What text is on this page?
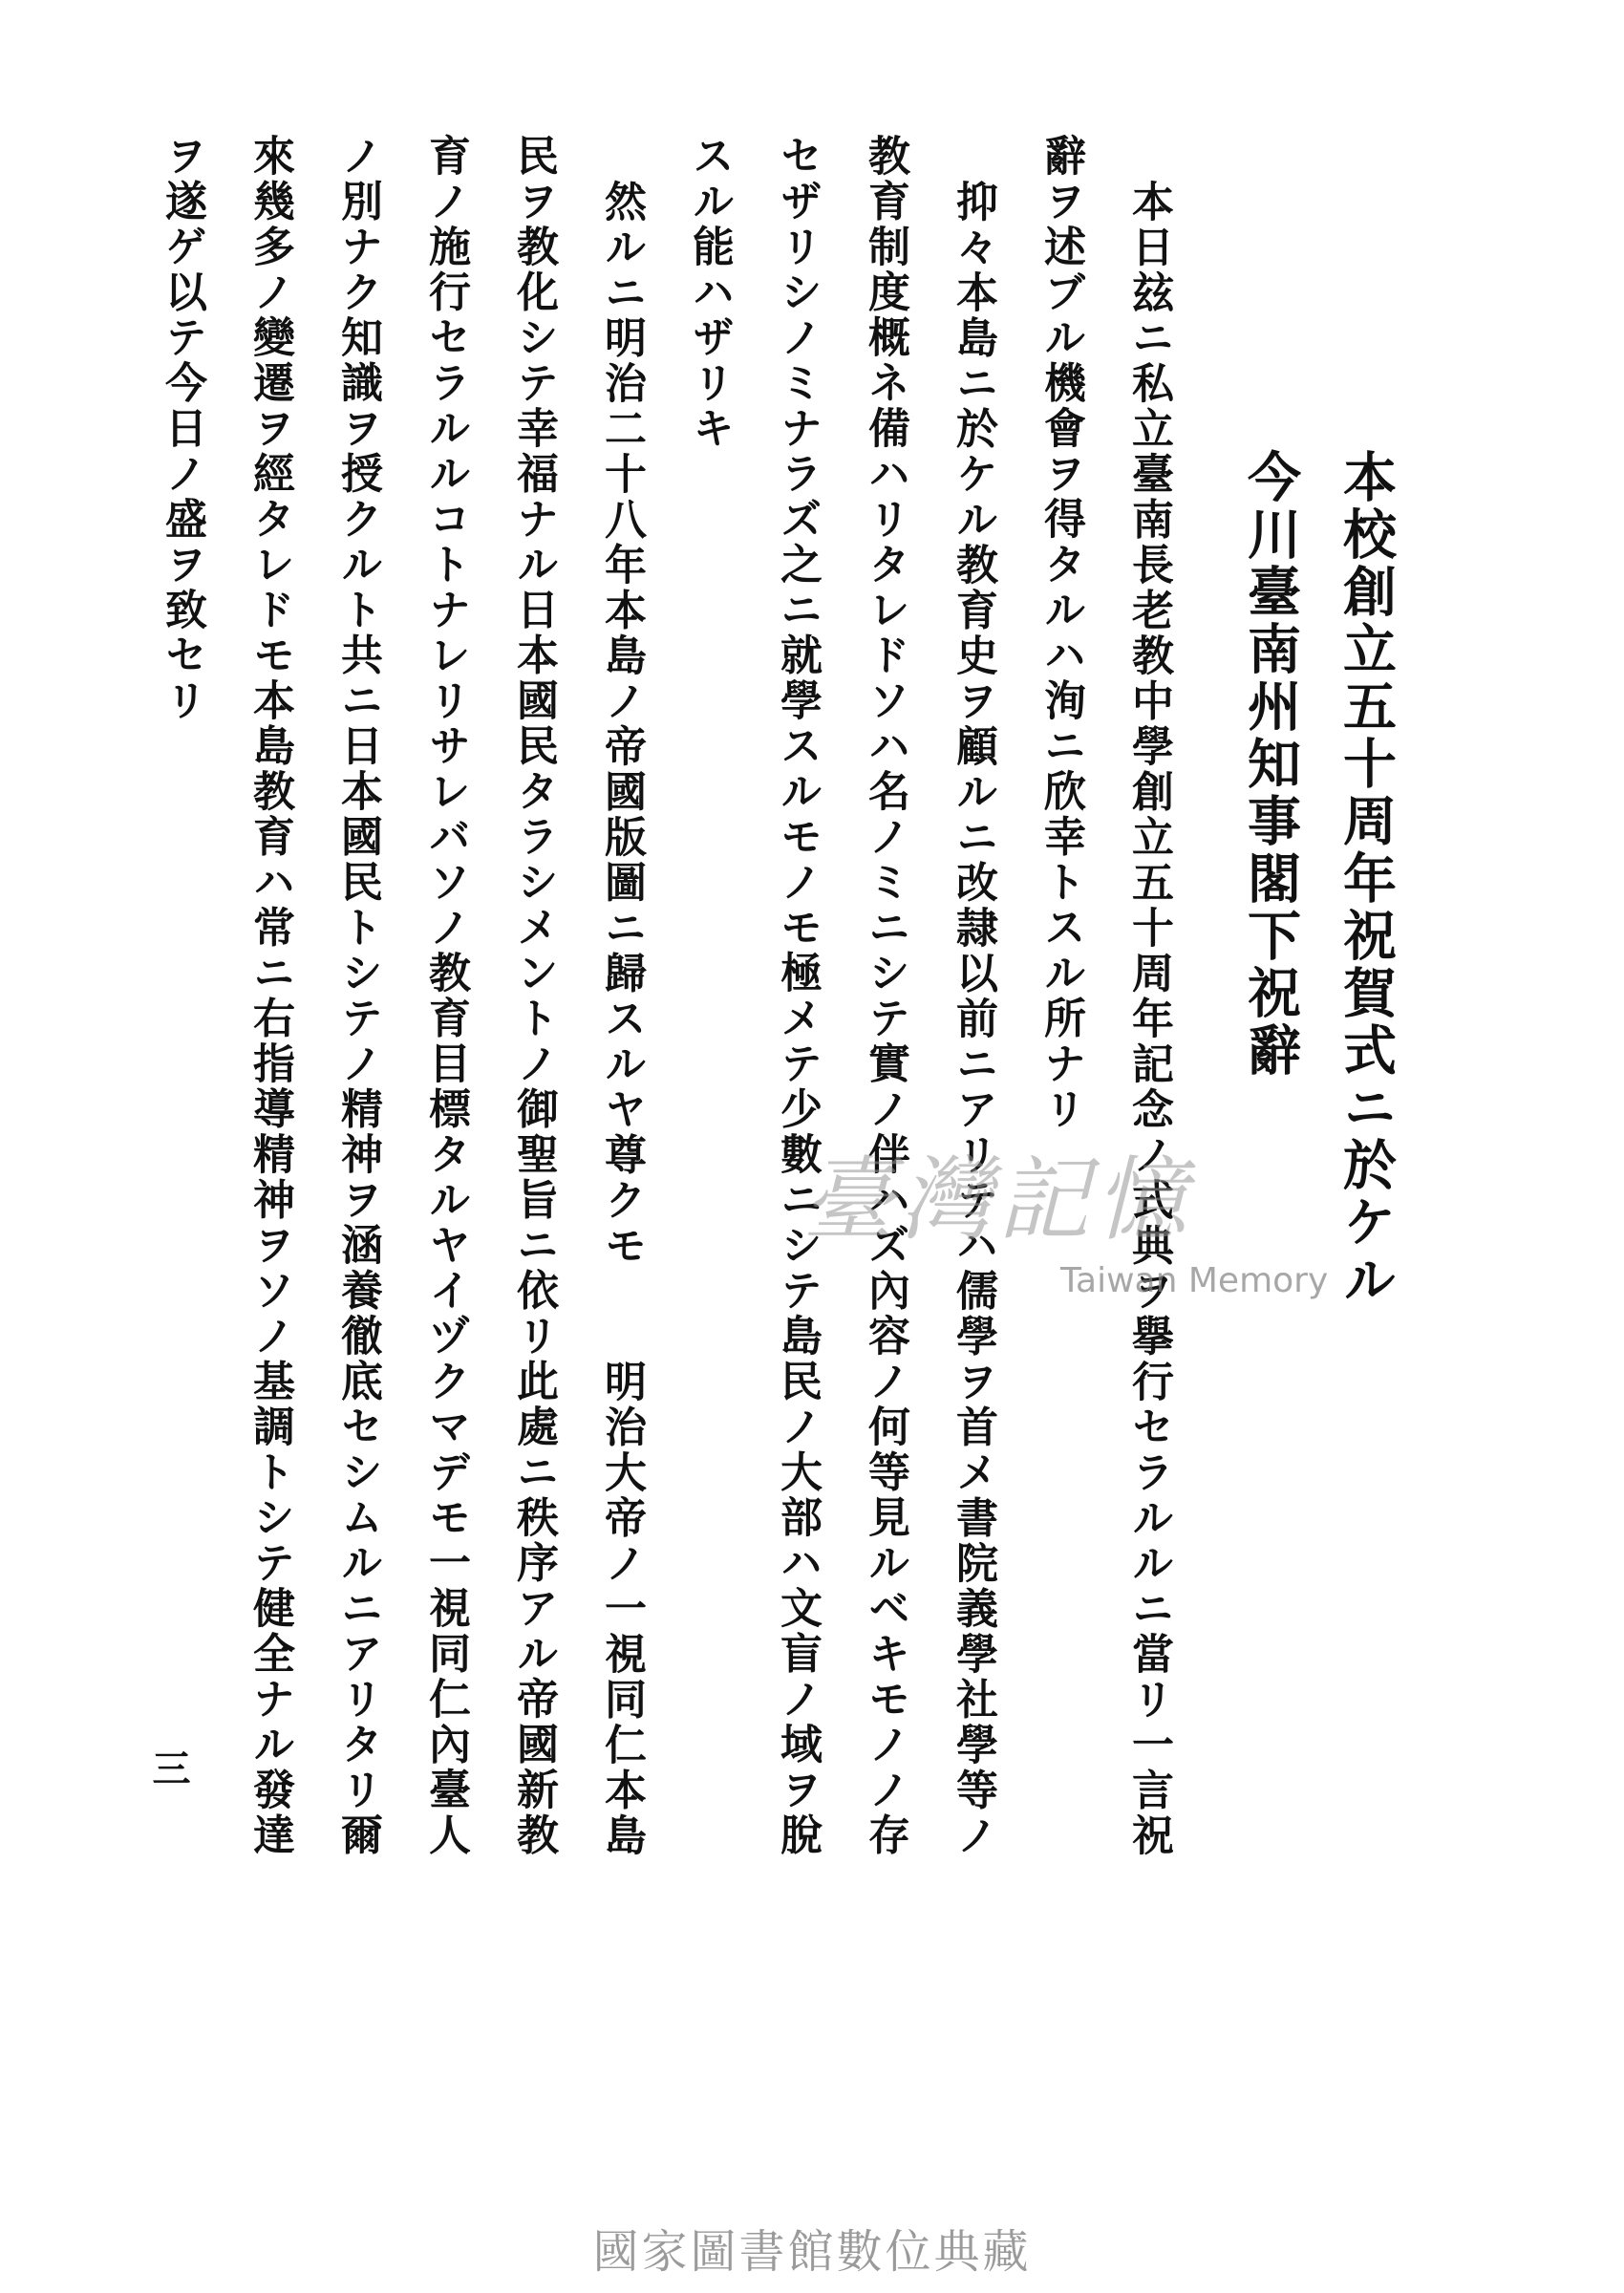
本校創立五十周年祝賀式ニ於ケル
今川臺南州知事閣下祝辭
本日玆ニ私立臺南長老教中學創立五十周年記念ノ式典ヲ擧行セラルルニ當リ一言祝
辭ヲ述ブル機會ヲ得タルハ洵ニ欣幸トスル所ナリ
抑々本島ニ於ケル教育史ヲ顧ルニ改隷以前ニアリテハ儒學ヲ首メ書院義學社學等ノ
教育制度概ネ備ハリタレドソハ名ノミニシテ實ノ伴ハズ內容ノ何等見ルベキモノノ存
セザリシノミナラズ之ニ就學スルモノモ極メテ少數ニシテ島民ノ大部ハ文盲ノ域ヲ脫
スル能ハザリキ
然ルニ明治二十八年本島ノ帝國版圖ニ歸スルヤ尊クモ　　明治大帝ノ一視同仁本島
民ヲ教化シテ幸福ナル日本國民タラシメントノ御聖旨ニ依リ此處ニ秩序アル帝國新教
育ノ施行セラルルコトナレリサレバソノ教育目標タルヤイヅクマデモ一視同仁內臺人
ノ別ナク知識ヲ授クルト共ニ日本國民トシテノ精神ヲ涵養徹底セシムルニアリタリ爾
來幾多ノ變遷ヲ經タレドモ本島教育ハ常ニ右指導精神ヲソノ基調トシテ健全ナル發達
ヲ遂ゲ以テ今日ノ盛ヲ致セリ
三
臺灣記憶
Taiwan Memory
國家圖書館數位典藏
